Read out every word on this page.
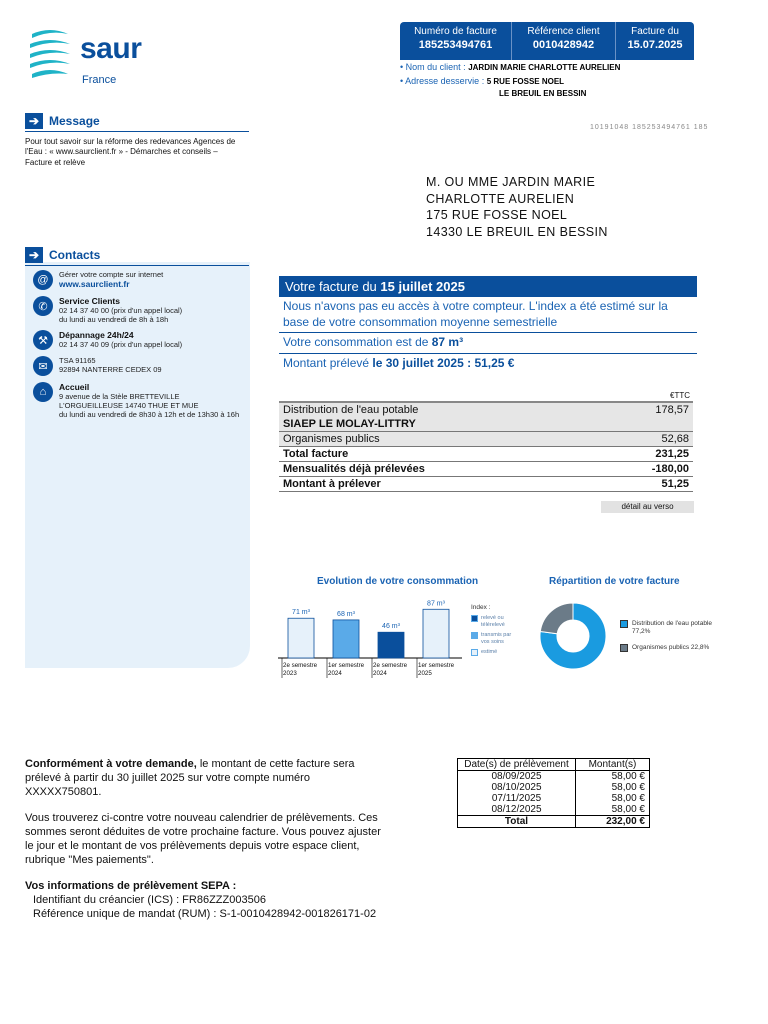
saur
France
Numéro de facture
185253494761
Référence client
0010428942
Facture du
15.07.2025
• Nom du client : JARDIN MARIE CHARLOTTE AURELIEN
• Adresse desservie : 5 RUE FOSSE NOEL
LE BREUIL EN BESSIN
10191048 185253494761 185
M. OU MME JARDIN MARIE
CHARLOTTE AURELIEN
175 RUE FOSSE NOEL
14330 LE BREUIL EN BESSIN
➔ Message
Pour tout savoir sur la réforme des redevances Agences de l'Eau : « www.saurclient.fr » - Démarches et conseils – Facture et relève
➔ Contacts
@	Gérer votre compte sur internet
www.saurclient.fr
✆	Service Clients
02 14 37 40 00 (prix d'un appel local)
du lundi au vendredi de 8h à 18h
⚒	Dépannage 24h/24
02 14 37 40 09 (prix d'un appel local)
✉	TSA 91165
92894 NANTERRE CEDEX 09
⌂	Accueil
9 avenue de la Stèle BRETTEVILLE
L'ORGUEILLEUSE 14740 THUE ET MUE
du lundi au vendredi de 8h30 à 12h et de 13h30 à 16h
Votre facture du 15 juillet 2025
Nous n'avons pas eu accès à votre compteur. L'index a été estimé sur la base de votre consommation moyenne semestrielle
Votre consommation est de 87 m³
Montant prélevé le 30 juillet 2025 : 51,25 €
€TTC
Distribution de l'eau potable	178,57
SIAEP LE MOLAY-LITTRY	
Organismes publics	52,68
Total facture	231,25
Mensualités déjà prélevées	-180,00
Montant à prélever	51,25
détail au verso
Evolution de votre consommation
71 m³
2e semestre
2023
68 m³
1er semestre
2024
46 m³
2e semestre
2024
87 m³
1er semestre
2025
Index :
relevé ou télérelevé
transmis par vos soins
estimé
Répartition de votre facture
Distribution de l'eau potable
77,2%
Organismes publics 22,8%

Conformément à votre demande, le montant de cette facture sera prélevé à partir du 30 juillet 2025 sur votre compte numéro XXXXX750801.

Vous trouverez ci-contre votre nouveau calendrier de prélèvements. Ces sommes seront déduites de votre prochaine facture. Vous pouvez ajuster le jour et le montant de vos prélèvements depuis votre espace client, rubrique "Mes paiements".

Vos informations de prélèvement SEPA :

Identifiant du créancier (ICS) : FR86ZZZ003506

Référence unique de mandat (RUM) : S-1-0010428942-001826171-02

Date(s) de prélèvement	Montant(s)
08/09/2025	58,00 €
08/10/2025	58,00 €
07/11/2025	58,00 €
08/12/2025	58,00 €
Total	232,00 €
